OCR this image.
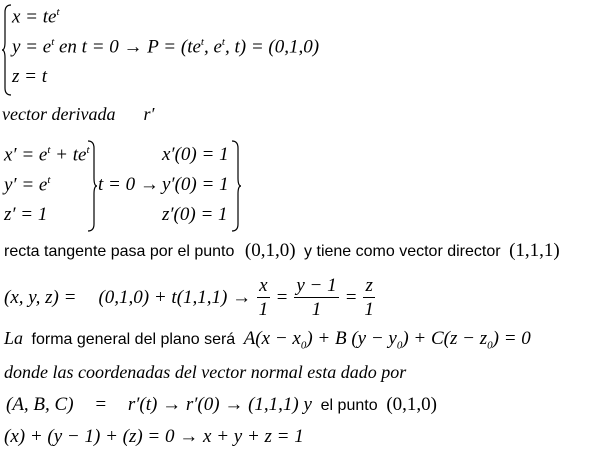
$x = te^t$
$y = e^t$ en $t = 0 \to P = (te^t$, $e^t$, t) = (0,1,0)
z = t
vector derivada r′
$x' = e^t + te^t$
$y' = e^t$
z′ = 1
t = 0 →
x′(0) = 1
y′(0) = 1
z′(0) = 1
recta tangente pasa por el punto (0,1,0) y tiene como vector director (1,1,1)
(x, y, $z) = (0,1,0) + t(1,1,1) \to \frac{x}{1} = \frac{y - 1}{1} = \frac{z}{1}$
La forma general del plano será $A(x - x_0) + B$ $(y - y_0) + C(z - z_0) = 0$
donde las coordenadas del vector normal esta dado por
(A, B, C) = r′(t) → r′(0) → (1,1,1) y el punto (0,1,0)
(x) + (y − 1) + (z) = 0 → x + y + z = 1
